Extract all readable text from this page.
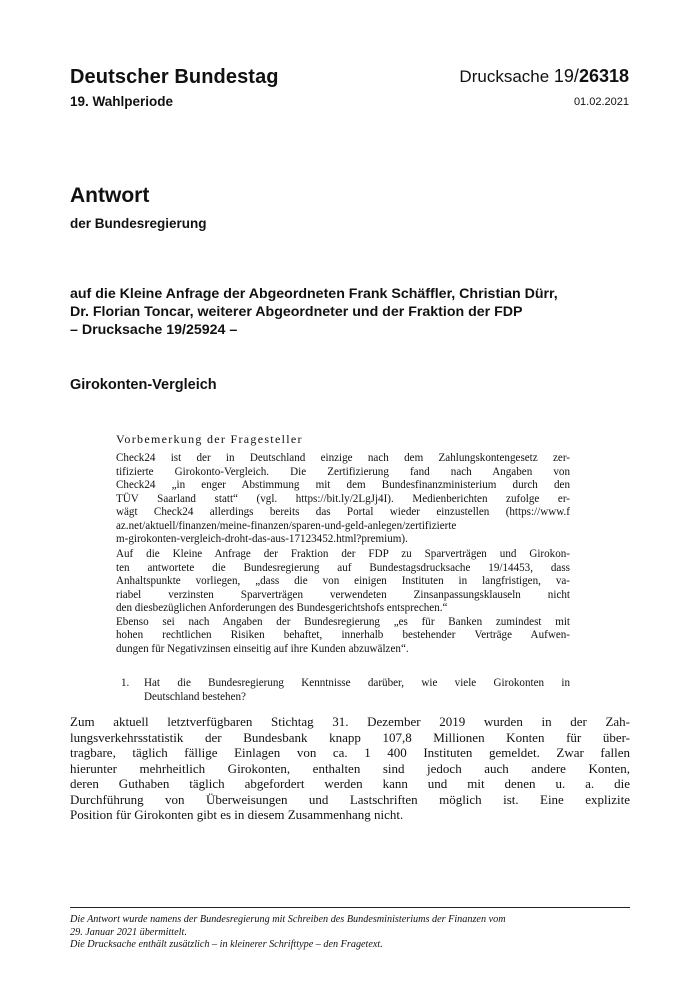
Deutscher Bundestag
19. Wahlperiode
Drucksache 19/26318
01.02.2021
Antwort
der Bundesregierung
auf die Kleine Anfrage der Abgeordneten Frank Schäffler, Christian Dürr,
Dr. Florian Toncar, weiterer Abgeordneter und der Fraktion der FDP
– Drucksache 19/25924 –
Girokonten-Vergleich
Vorbemerkung der Fragesteller
Check24 ist der in Deutschland einzige nach dem Zahlungskontengesetz zer-
tifizierte Girokonto-Vergleich. Die Zertifizierung fand nach Angaben von
Check24 „in enger Abstimmung mit dem Bundesfinanzministerium durch den
TÜV Saarland statt“ (vgl. https://bit.ly/2LgJj4I). Medienberichten zufolge er-
wägt Check24 allerdings bereits das Portal wieder einzustellen (https://www.f
az.net/aktuell/finanzen/meine-finanzen/sparen-und-geld-anlegen/zertifizierte
m-girokonten-vergleich-droht-das-aus-17123452.html?premium).
Auf die Kleine Anfrage der Fraktion der FDP zu Sparverträgen und Girokon-
ten antwortete die Bundesregierung auf Bundestagsdrucksache 19/14453, dass
Anhaltspunkte vorliegen, „dass die von einigen Instituten in langfristigen, va-
riabel verzinsten Sparverträgen verwendeten Zinsanpassungsklauseln nicht
den diesbezüglichen Anforderungen des Bundesgerichtshofs entsprechen.“
Ebenso sei nach Angaben der Bundesregierung „es für Banken zumindest mit
hohen rechtlichen Risiken behaftet, innerhalb bestehender Verträge Aufwen-
dungen für Negativzinsen einseitig auf ihre Kunden abzuwälzen“.
1. Hat die Bundesregierung Kenntnisse darüber, wie viele Girokonten in
Deutschland bestehen?
Zum aktuell letztverfügbaren Stichtag 31. Dezember 2019 wurden in der Zah-
lungsverkehrsstatistik der Bundesbank knapp 107,8 Millionen Konten für über-
tragbare, täglich fällige Einlagen von ca. 1 400 Instituten gemeldet. Zwar fallen
hierunter mehrheitlich Girokonten, enthalten sind jedoch auch andere Konten,
deren Guthaben täglich abgefordert werden kann und mit denen u. a. die
Durchführung von Überweisungen und Lastschriften möglich ist. Eine explizite
Position für Girokonten gibt es in diesem Zusammenhang nicht.
Die Antwort wurde namens der Bundesregierung mit Schreiben des Bundesministeriums der Finanzen vom
29. Januar 2021 übermittelt.
Die Drucksache enthält zusätzlich – in kleinerer Schrifttype – den Fragetext.
